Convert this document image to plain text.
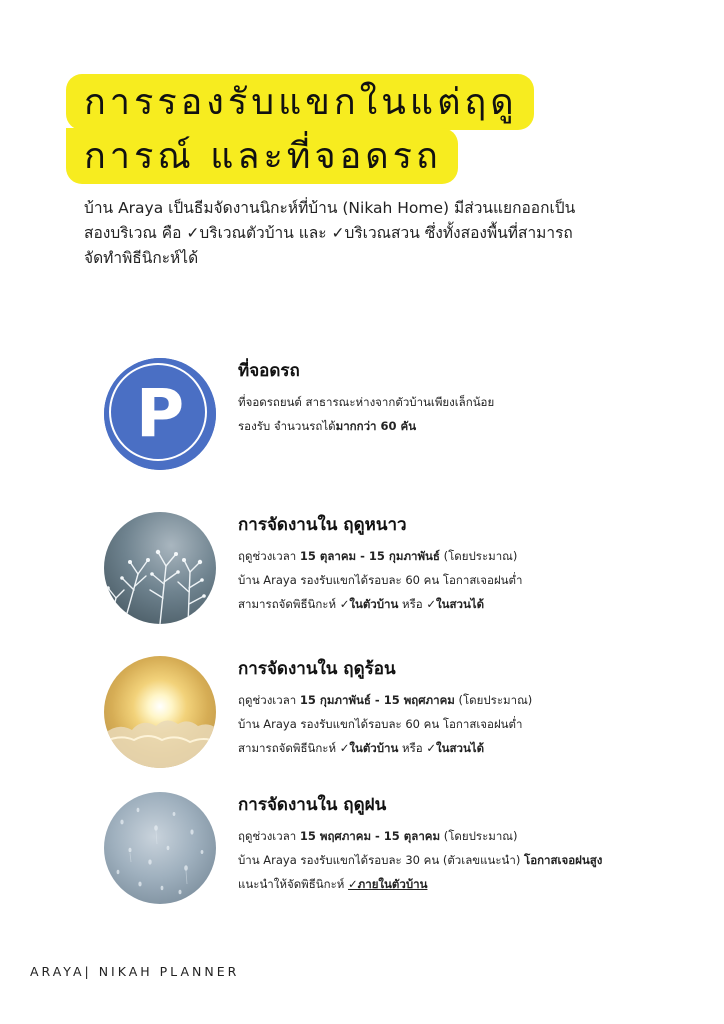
การรองรับแขกในแต่ฤดู
การณ์ และที่จอดรถ
บ้าน Araya เป็นธีมจัดงานนิกะห์ที่บ้าน (Nikah Home) มีส่วนแยกออกเป็น
สองบริเวณ คือ ✓บริเวณตัวบ้าน และ ✓บริเวณสวน ซึ่งทั้งสองพื้นที่สามารถ
จัดทำพิธีนิกะห์ได้
P
ที่จอดรถ
ที่จอดรถยนต์ สาธารณะห่างจากตัวบ้านเพียงเล็กน้อย
รองรับ จำนวนรถได้มากกว่า 60 คัน
การจัดงานใน ฤดูหนาว
ฤดูช่วงเวลา 15 ตุลาคม - 15 กุมภาพันธ์ (โดยประมาณ)
บ้าน Araya รองรับแขกได้รอบละ 60 คน โอกาสเจอฝนต่ำ
สามารถจัดพิธีนิกะห์ ✓ในตัวบ้าน หรือ ✓ในสวนได้
การจัดงานใน ฤดูร้อน
ฤดูช่วงเวลา 15 กุมภาพันธ์ - 15 พฤศภาคม (โดยประมาณ)
บ้าน Araya รองรับแขกได้รอบละ 60 คน โอกาสเจอฝนต่ำ
สามารถจัดพิธีนิกะห์ ✓ในตัวบ้าน หรือ ✓ในสวนได้
การจัดงานใน ฤดูฝน
ฤดูช่วงเวลา 15 พฤศภาคม - 15 ตุลาคม (โดยประมาณ)
บ้าน Araya รองรับแขกได้รอบละ 30 คน (ตัวเลขแนะนำ) โอกาสเจอฝนสูง
แนะนำให้จัดพิธีนิกะห์ ✓ภายในตัวบ้าน
ARAYA| NIKAH PLANNER
